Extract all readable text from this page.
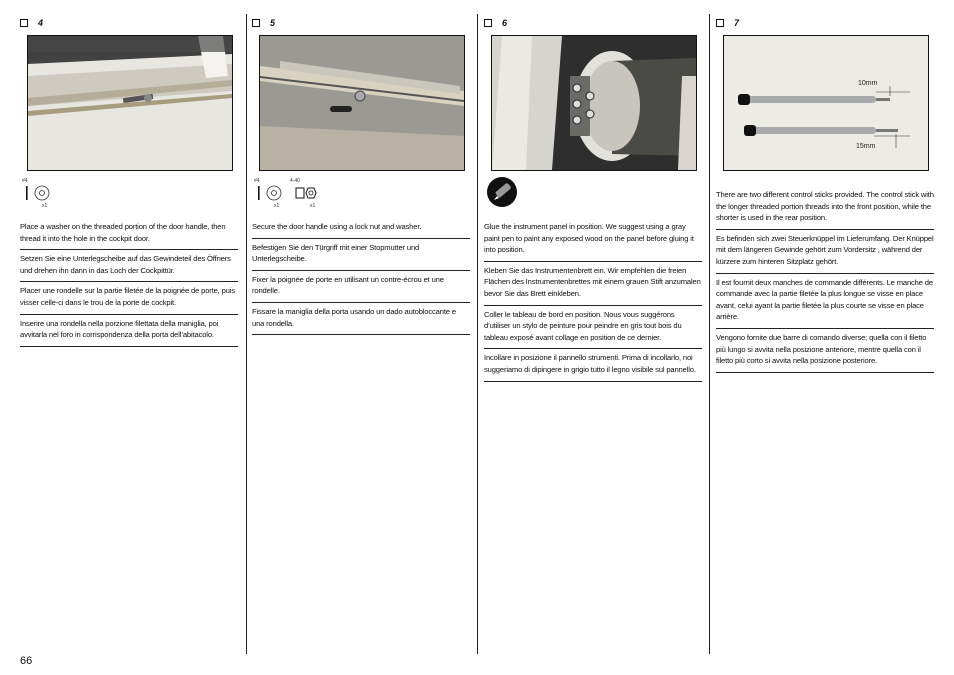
4
#4
x1
Place a washer on the threaded portion of the door handle, then thread it into the hole in the cockpit door.
Setzen Sie eine Unterlegscheibe auf das Gewindeteil des Öffners und drehen ihn dann in das Loch der Cockpittür.
Placer une rondelle sur la partie filetée de la poignée de porte, puis visser celle-ci dans le trou de la porte de cockpit.
Inserire una rondella nella porzione filettata della maniglia, poi avvitarla nel foro in corrispondenza della porta dell’abitacolo.
5
#4
x1
4-40
x1
Secure the door handle using a lock nut and washer.
Befestigen Sie den Türgriff mit einer Stopmutter und Unterlegscheibe.
Fixer la poignée de porte en utilisant un contre-écrou et une rondelle.
Fissare la maniglia della porta usando un dado autobloccante e una rondella.
6
Glue the instrument panel in position. We suggest using a gray paint pen to paint any exposed wood on the panel before gluing it into position.
Kleben Sie das Instrumentenbrett ein. Wir empfehlen die freien Flächen des Instrumentenbrettes mit einem grauen Stift anzumalen bevor Sie das Brett einkleben.
Coller le tableau de bord en position. Nous vous suggérons d’utiliser un stylo de peinture pour peindre en gris tout bois du tableau exposé avant collage en position de ce dernier.
Incollare in posizione il pannello strumenti. Prima di incollarlo, noi suggeriamo di dipingere in grigio tutto il legno visibile sul pannello.
7
10mm
15mm
There are two different control sticks provided. The control stick with the longer threaded portion threads into the front position, while the shorter is used in the rear position.
Es befinden sich zwei Steuerknüppel im Lieferumfang. Der Knüppel mit dem längeren Gewinde gehört zum Vordersitz , während der kürzere zum hinteren Sitzplatz gehört.
Il est fournit deux manches de commande différents. Le manche de commande avec la partie filetée la plus longue se visse en place avant, celui ayant la partie filetée la plus courte se visse en place arrière.
Vengono fornite due barre di comando diverse; quella con il filetto più lungo si avvita nella posizione anteriore, mentre quella con il filetto più corto si avvita nella posizione posteriore.
66
